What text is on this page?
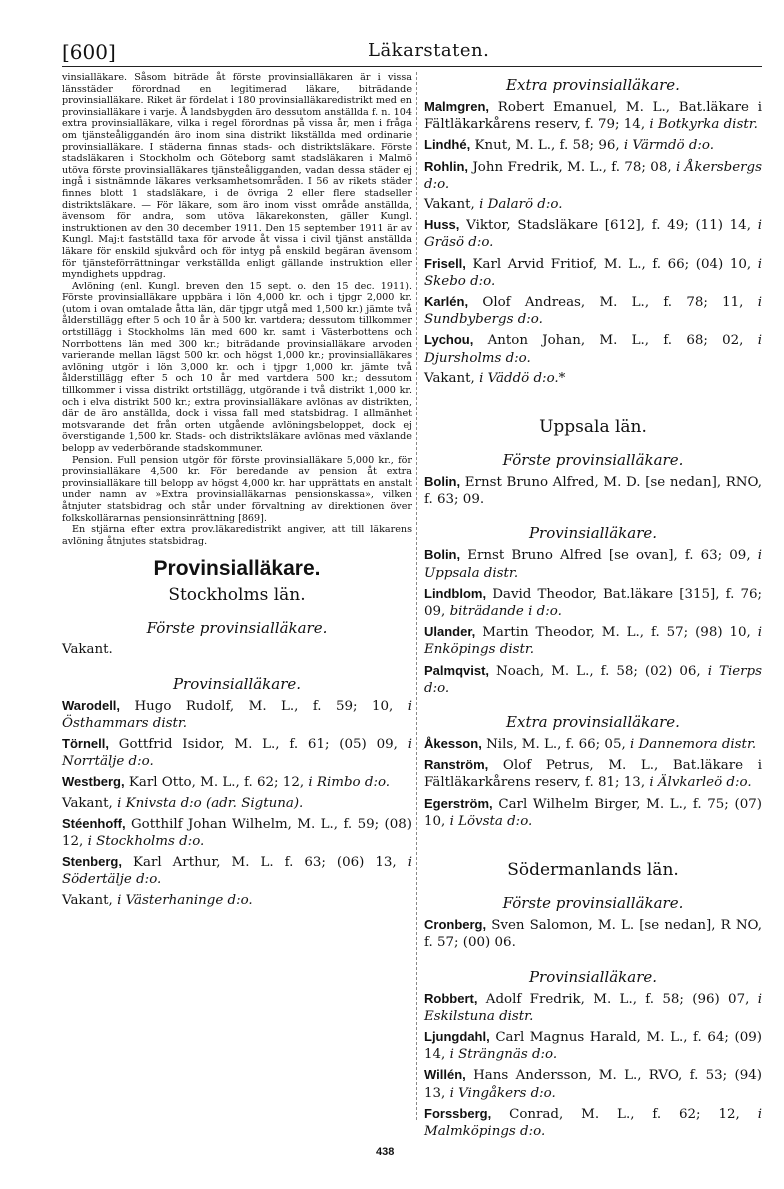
[600]	Läkarstaten.

vinsialläkare. Såsom biträde åt förste provinsialläkaren är i vissa länsstäder förordnad en legitimerad läkare, biträdande provinsialläkare. Riket är fördelat i 180 provinsialläkaredistrikt med en provinsialläkare i varje. Å landsbygden äro dessutom anställda f. n. 104 extra provinsialläkare, vilka i regel förordnas på vissa år, men i fråga om tjänsteåliggandén äro inom sina distrikt likställda med ordinarie provinsialläkare. I städerna finnas stads- och distriktsläkare. Förste stadsläkaren i Stockholm och Göteborg samt stadsläkaren i Malmö utöva förste provinsialläkares tjänsteåligganden, vadan dessa städer ej ingå i sistnämnde läkares verksamhetsområden. I 56 av rikets städer finnes blott 1 stadsläkare, i de övriga 2 eller flere stadseller distriktsläkare. — För läkare, som äro inom visst område anställda, ävensom för andra, som utöva läkarekonsten, gäller Kungl. instruktionen av den 30 december 1911. Den 15 september 1911 är av Kungl. Maj:t fastställd taxa för arvode åt vissa i civil tjänst anställda läkare för enskild sjukvård och för intyg på enskild begäran ävensom för tjänsteförrättningar verkställda enligt gällande instruktion eller myndighets uppdrag.

Avlöning (enl. Kungl. breven den 15 sept. o. den 15 dec. 1911). Förste provinsialläkare uppbära i lön 4,000 kr. och i tjpgr 2,000 kr. (utom i ovan omtalade åtta län, där tjpgr utgå med 1,500 kr.) jämte två ålderstillägg efter 5 och 10 år à 500 kr. vartdera; dessutom tillkommer ortstillägg i Stockholms län med 600 kr. samt i Västerbottens och Norrbottens län med 300 kr.; biträdande provinsialläkare arvoden varierande mellan lägst 500 kr. och högst 1,000 kr.; provinsialläkares avlöning utgör i lön 3,000 kr. och i tjpgr 1,000 kr. jämte två ålderstillägg efter 5 och 10 år med vartdera 500 kr.; dessutom tillkommer i vissa distrikt ortstillägg, utgörande i två distrikt 1,000 kr. och i elva distrikt 500 kr.; extra provinsialläkare avlönas av distrikten, där de äro anställda, dock i vissa fall med statsbidrag. I allmänhet motsvarande det från orten utgående avlöningsbeloppet, dock ej överstigande 1,500 kr. Stads- och distriktsläkare avlönas med växlande belopp av vederbörande stadskommuner.

Pension. Full pension utgör för förste provinsialläkare 5,000 kr., för provinsialläkare 4,500 kr. För beredande av pension åt extra provinsialläkare till belopp av högst 4,000 kr. har upprättats en anstalt under namn av »Extra provinsialläkarnas pensionskassa», vilken åtnjuter statsbidrag och står under förvaltning av direktionen över folkskollärarnas pensionsinrättning [869].

En stjärna efter extra prov.läkaredistrikt angiver, att till läkarens avlöning åtnjutes statsbidrag.

Provinsialläkare.
Stockholms län.
Förste provinsialläkare.
Vakant.
Provinsialläkare.
Warodell, Hugo Rudolf, M. L., f. 59; 10, i Östhammars distr.
Törnell, Gottfrid Isidor, M. L., f. 61; (05) 09, i Norrtälje d:o.
Westberg, Karl Otto, M. L., f. 62; 12, i Rimbo d:o.
Vakant, i Knivsta d:o (adr. Sigtuna).
Stéenhoff, Gotthilf Johan Wilhelm, M. L., f. 59; (08) 12, i Stockholms d:o.
Stenberg, Karl Arthur, M. L. f. 63; (06) 13, i Södertälje d:o.
Vakant, i Västerhaninge d:o.
Extra provinsialläkare.
Malmgren, Robert Emanuel, M. L., Bat.läkare i Fältläkarkårens reserv, f. 79; 14, i Botkyrka distr.
Lindhé, Knut, M. L., f. 58; 96, i Värmdö d:o.
Rohlin, John Fredrik, M. L., f. 78; 08, i Åkersbergs d:o.
Vakant, i Dalarö d:o.
Huss, Viktor, Stadsläkare [612], f. 49; (11) 14, i Gräsö d:o.
Frisell, Karl Arvid Fritiof, M. L., f. 66; (04) 10, i Skebo d:o.
Karlén, Olof Andreas, M. L., f. 78; 11, i Sundbybergs d:o.
Lychou, Anton Johan, M. L., f. 68; 02, i Djursholms d:o.
Vakant, i Väddö d:o.*
Uppsala län.
Förste provinsialläkare.
Bolin, Ernst Bruno Alfred, M. D. [se nedan], RNO, f. 63; 09.
Provinsialläkare.
Bolin, Ernst Bruno Alfred [se ovan], f. 63; 09, i Uppsala distr.
Lindblom, David Theodor, Bat.läkare [315], f. 76; 09, biträdande i d:o.
Ulander, Martin Theodor, M. L., f. 57; (98) 10, i Enköpings distr.
Palmqvist, Noach, M. L., f. 58; (02) 06, i Tierps d:o.
Extra provinsialläkare.
Åkesson, Nils, M. L., f. 66; 05, i Dannemora distr.
Ranström, Olof Petrus, M. L., Bat.läkare i Fältläkarkårens reserv, f. 81; 13, i Älvkarleö d:o.
Egerström, Carl Wilhelm Birger, M. L., f. 75; (07) 10, i Lövsta d:o.
Södermanlands län.
Förste provinsialläkare.
Cronberg, Sven Salomon, M. L. [se nedan], R NO, f. 57; (00) 06.
Provinsialläkare.
Robbert, Adolf Fredrik, M. L., f. 58; (96) 07, i Eskilstuna distr.
Ljungdahl, Carl Magnus Harald, M. L., f. 64; (09) 14, i Strängnäs d:o.
Willén, Hans Andersson, M. L., RVO, f. 53; (94) 13, i Vingåkers d:o.
Forssberg, Conrad, M. L., f. 62; 12, i Malmköpings d:o.
438
